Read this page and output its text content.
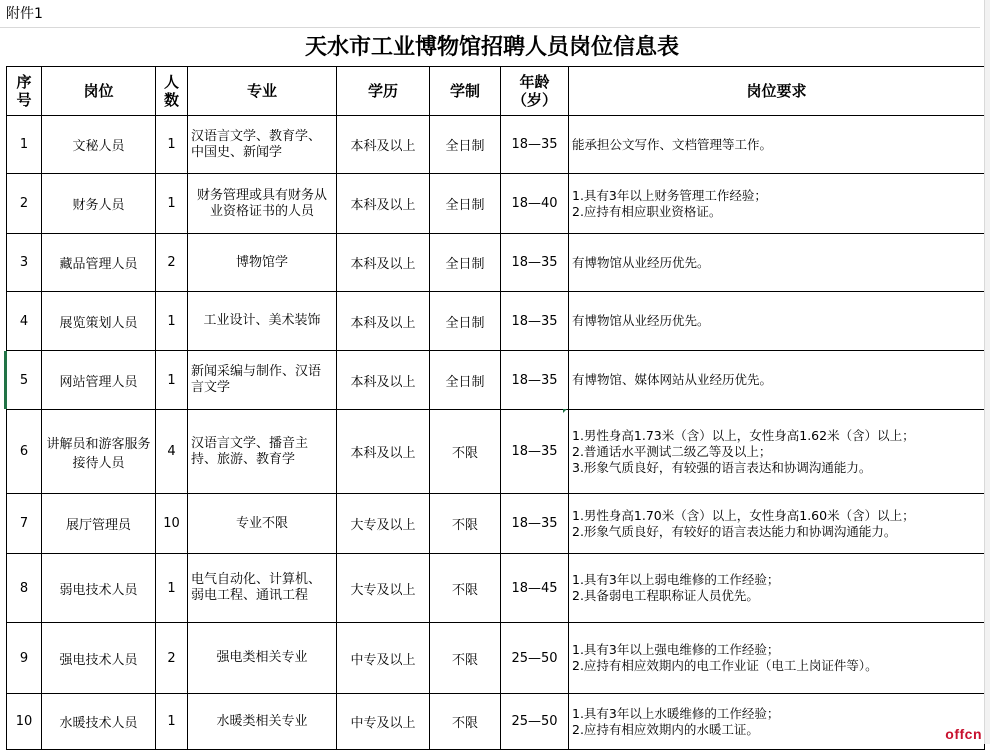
附件1
天水市工业博物馆招聘人员岗位信息表
序号	岗位	人数	专业	学历	学制	年龄（岁）	岗位要求
1	文秘人员	1	汉语言文学、教育学、中国史、新闻学	本科及以上	全日制	18—35	能承担公文写作、文档管理等工作。
2	财务人员	1	财务管理或具有财务从业资格证书的人员	本科及以上	全日制	18—40	1.具有3年以上财务管理工作经验；
2.应持有相应职业资格证。
3	藏品管理人员	2	博物馆学	本科及以上	全日制	18—35	有博物馆从业经历优先。
4	展览策划人员	1	工业设计、美术装饰	本科及以上	全日制	18—35	有博物馆从业经历优先。
5	网站管理人员	1	新闻采编与制作、汉语言文学	本科及以上	全日制	18—35	有博物馆、媒体网站从业经历优先。
6	讲解员和游客服务接待人员	4	汉语言文学、播音主持、旅游、教育学	本科及以上	不限	18—35	1.男性身高1.73米（含）以上，女性身高1.62米（含）以上；
2.普通话水平测试二级乙等及以上；
3.形象气质良好，有较强的语言表达和协调沟通能力。
7	展厅管理员	10	专业不限	大专及以上	不限	18—35	1.男性身高1.70米（含）以上，女性身高1.60米（含）以上；
2.形象气质良好，有较好的语言表达能力和协调沟通能力。
8	弱电技术人员	1	电气自动化、计算机、弱电工程、通讯工程	大专及以上	不限	18—45	1.具有3年以上弱电维修的工作经验；
2.具备弱电工程职称证人员优先。
9	强电技术人员	2	强电类相关专业	中专及以上	不限	25—50	1.具有3年以上强电维修的工作经验；
2.应持有相应效期内的电工作业证（电工上岗证件等）。
10	水暖技术人员	1	水暖类相关专业	中专及以上	不限	25—50	1.具有3年以上水暖维修的工作经验；
2.应持有相应效期内的水暖工证。	offcn
